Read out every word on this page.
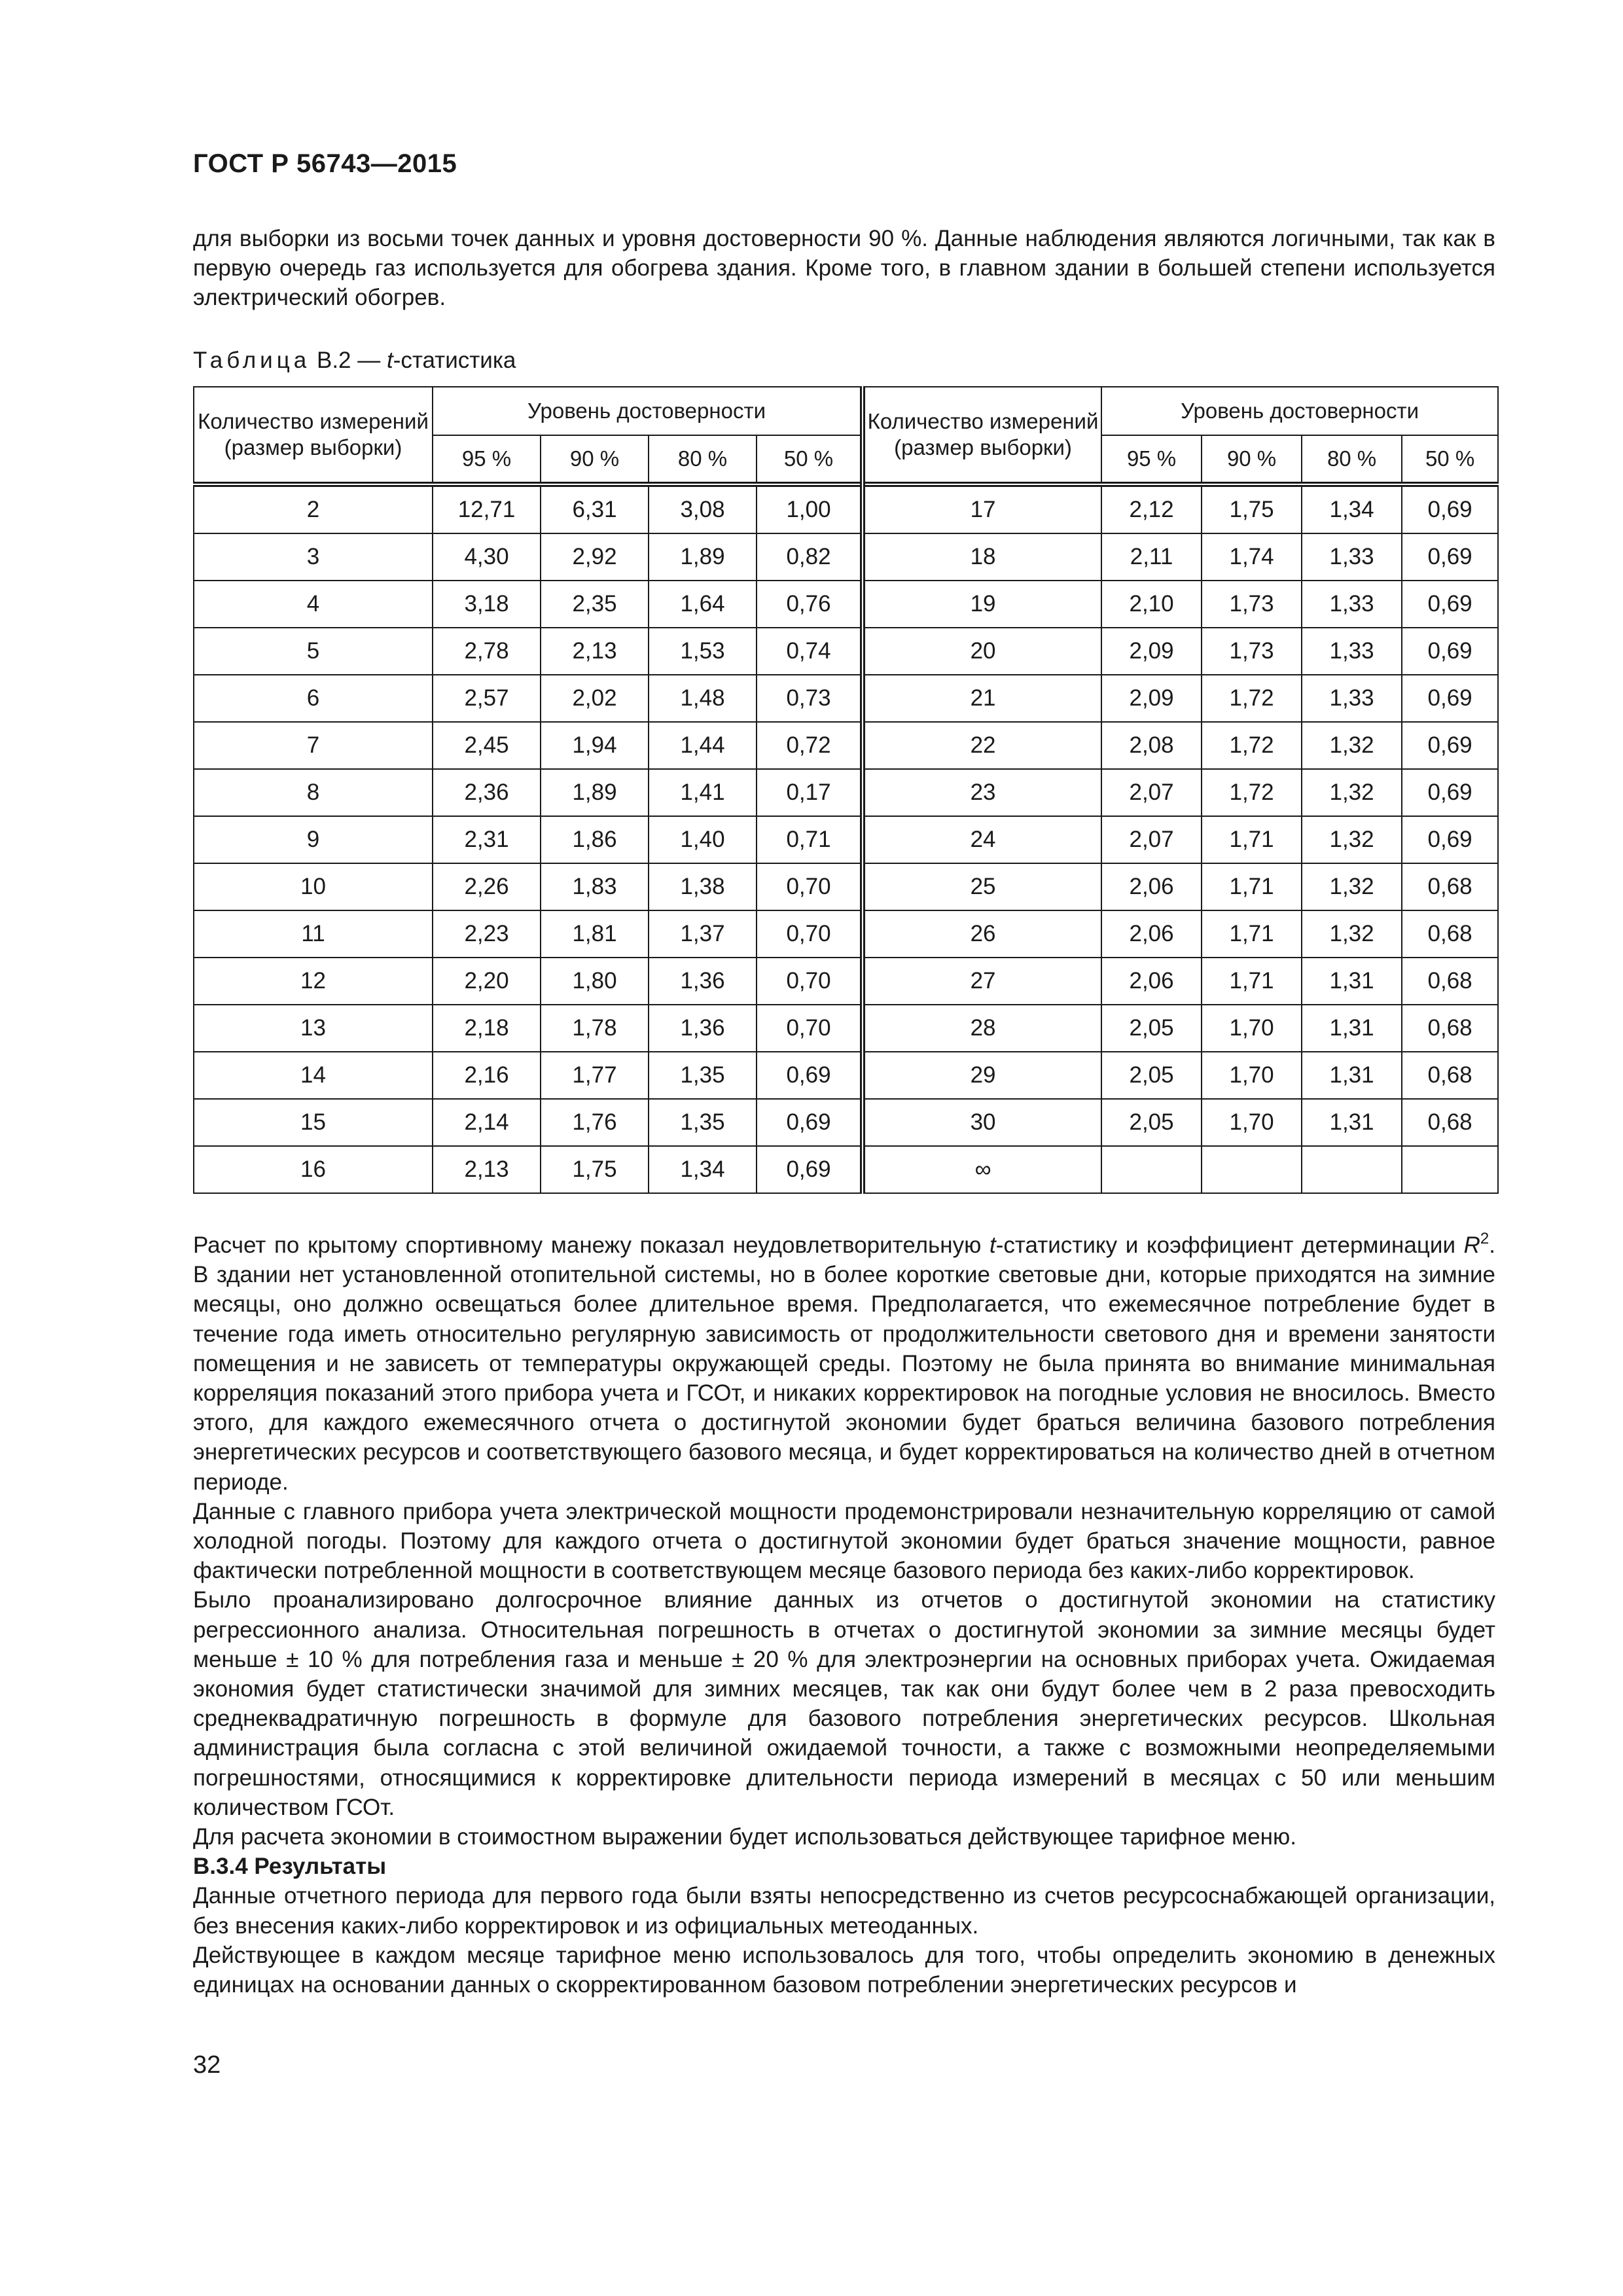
ГОСТ Р 56743—2015

для выборки из восьми точек данных и уровня достоверности 90 %. Данные наблюдения являются логичными, так как в первую очередь газ используется для обогрева здания. Кроме того, в главном здании в большей степени используется электрический обогрев.

Таблица В.2 — t-статистика
Количество измерений (размер выборки)	Уровень достоверности				Количество измерений (размер выборки)	Уровень достоверности			
	95 %	90 %	80 %	50 %		95 %	90 %	80 %	50 %
2	12,71	6,31	3,08	1,00	17	2,12	1,75	1,34	0,69
3	4,30	2,92	1,89	0,82	18	2,11	1,74	1,33	0,69
4	3,18	2,35	1,64	0,76	19	2,10	1,73	1,33	0,69
5	2,78	2,13	1,53	0,74	20	2,09	1,73	1,33	0,69
6	2,57	2,02	1,48	0,73	21	2,09	1,72	1,33	0,69
7	2,45	1,94	1,44	0,72	22	2,08	1,72	1,32	0,69
8	2,36	1,89	1,41	0,17	23	2,07	1,72	1,32	0,69
9	2,31	1,86	1,40	0,71	24	2,07	1,71	1,32	0,69
10	2,26	1,83	1,38	0,70	25	2,06	1,71	1,32	0,68
11	2,23	1,81	1,37	0,70	26	2,06	1,71	1,32	0,68
12	2,20	1,80	1,36	0,70	27	2,06	1,71	1,31	0,68
13	2,18	1,78	1,36	0,70	28	2,05	1,70	1,31	0,68
14	2,16	1,77	1,35	0,69	29	2,05	1,70	1,31	0,68
15	2,14	1,76	1,35	0,69	30	2,05	1,70	1,31	0,68
16	2,13	1,75	1,34	0,69	∞				

Расчет по крытому спортивному манежу показал неудовлетворительную t-статистику и коэффициент детерминации $R^2$. В здании нет установленной отопительной системы, но в более короткие световые дни, которые приходятся на зимние месяцы, оно должно освещаться более длительное время. Предполагается, что ежемесячное потребление будет в течение года иметь относительно регулярную зависимость от продолжительности светового дня и времени занятости помещения и не зависеть от температуры окружающей среды. Поэтому не была принята во внимание минимальная корреляция показаний этого прибора учета и ГСОт, и никаких корректировок на погодные условия не вносилось. Вместо этого, для каждого ежемесячного отчета о достигнутой экономии будет браться величина базового потребления энергетических ресурсов и соответствующего базового месяца, и будет корректироваться на количество дней в отчетном периоде.

Данные с главного прибора учета электрической мощности продемонстрировали незначительную корреляцию от самой холодной погоды. Поэтому для каждого отчета о достигнутой экономии будет браться значение мощности, равное фактически потребленной мощности в соответствующем месяце базового периода без каких-либо корректировок.

Было проанализировано долгосрочное влияние данных из отчетов о достигнутой экономии на статистику регрессионного анализа. Относительная погрешность в отчетах о достигнутой экономии за зимние месяцы будет меньше ± 10 % для потребления газа и меньше ± 20 % для электроэнергии на основных приборах учета. Ожидаемая экономия будет статистически значимой для зимних месяцев, так как они будут более чем в 2 раза превосходить среднеквадратичную погрешность в формуле для базового потребления энергетических ресурсов. Школьная администрация была согласна с этой величиной ожидаемой точности, а также с возможными неопределяемыми погрешностями, относящимися к корректировке длительности периода измерений в месяцах с 50 или меньшим количеством ГСОт.

Для расчета экономии в стоимостном выражении будет использоваться действующее тарифное меню.

В.3.4 Результаты

Данные отчетного периода для первого года были взяты непосредственно из счетов ресурсоснабжающей организации, без внесения каких-либо корректировок и из официальных метеоданных.

Действующее в каждом месяце тарифное меню использовалось для того, чтобы определить экономию в денежных единицах на основании данных о скорректированном базовом потреблении энергетических ресурсов и

32
